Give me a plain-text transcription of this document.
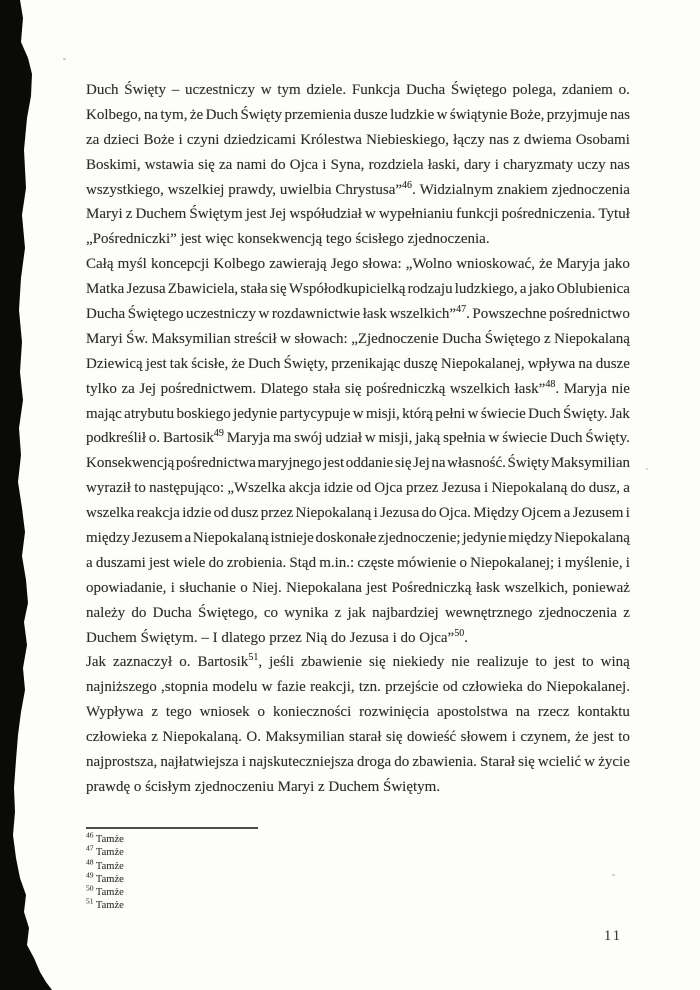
Duch Święty – uczestniczy w tym dziele. Funkcja Ducha Świętego polega, zdaniem o.
Kolbego, na tym, że Duch Święty przemienia dusze ludzkie w świątynie Boże, przyjmuje nas
za dzieci Boże i czyni dziedzicami Królestwa Niebieskiego, łączy nas z dwiema Osobami
Boskimi, wstawia się za nami do Ojca i Syna, rozdziela łaski, dary i charyzmaty uczy nas
wszystkiego, wszelkiej prawdy, uwielbia Chrystusa”$^{46}$. Widzialnym znakiem zjednoczenia
Maryi z Duchem Świętym jest Jej współudział w wypełnianiu funkcji pośredniczenia. Tytuł
„Pośredniczki” jest więc konsekwencją tego ścisłego zjednoczenia.
Całą myśl koncepcji Kolbego zawierają Jego słowa: „Wolno wnioskować, że Maryja jako
Matka Jezusa Zbawiciela, stała się Współodkupicielką rodzaju ludzkiego, a jako Oblubienica
Ducha Świętego uczestniczy w rozdawnictwie łask wszelkich”$^{47}$. Powszechne pośrednictwo
Maryi Św. Maksymilian streścił w słowach: „Zjednoczenie Ducha Świętego z Niepokalaną
Dziewicą jest tak ścisłe, że Duch Święty, przenikając duszę Niepokalanej, wpływa na dusze
tylko za Jej pośrednictwem. Dlatego stała się pośredniczką wszelkich łask”$^{48}$. Maryja nie
mając atrybutu boskiego jedynie partycypuje w misji, którą pełni w świecie Duch Święty. Jak
podkreślił o. Bartosik$^{49}$ Maryja ma swój udział w misji, jaką spełnia w świecie Duch Święty.
Konsekwencją pośrednictwa maryjnego jest oddanie się Jej na własność. Święty Maksymilian
wyraził to następująco: „Wszelka akcja idzie od Ojca przez Jezusa i Niepokalaną do dusz, a
wszelka reakcja idzie od dusz przez Niepokalaną i Jezusa do Ojca. Między Ojcem a Jezusem i
między Jezusem a Niepokalaną istnieje doskonałe zjednoczenie; jedynie między Niepokalaną
a duszami jest wiele do zrobienia. Stąd m.in.: częste mówienie o Niepokalanej; i myślenie, i
opowiadanie, i słuchanie o Niej. Niepokalana jest Pośredniczką łask wszelkich, ponieważ
należy do Ducha Świętego, co wynika z jak najbardziej wewnętrznego zjednoczenia z
Duchem Świętym. – I dlatego przez Nią do Jezusa i do Ojca”$^{50}$.
Jak zaznaczył o. Bartosik$^{51}$, jeśli zbawienie się niekiedy nie realizuje to jest to winą
najniższego ,stopnia modelu w fazie reakcji, tzn. przejście od człowieka do Niepokalanej.
Wypływa z tego wniosek o konieczności rozwinięcia apostolstwa na rzecz kontaktu
człowieka z Niepokalaną. O. Maksymilian starał się dowieść słowem i czynem, że jest to
najprostsza, najłatwiejsza i najskuteczniejsza droga do zbawienia. Starał się wcielić w życie
prawdę o ścisłym zjednoczeniu Maryi z Duchem Świętym.
$^{46}$ Tamże
$^{47}$ Tamże
$^{48}$ Tamże
$^{49}$ Tamże
$^{50}$ Tamże
$^{51}$ Tamże
11
